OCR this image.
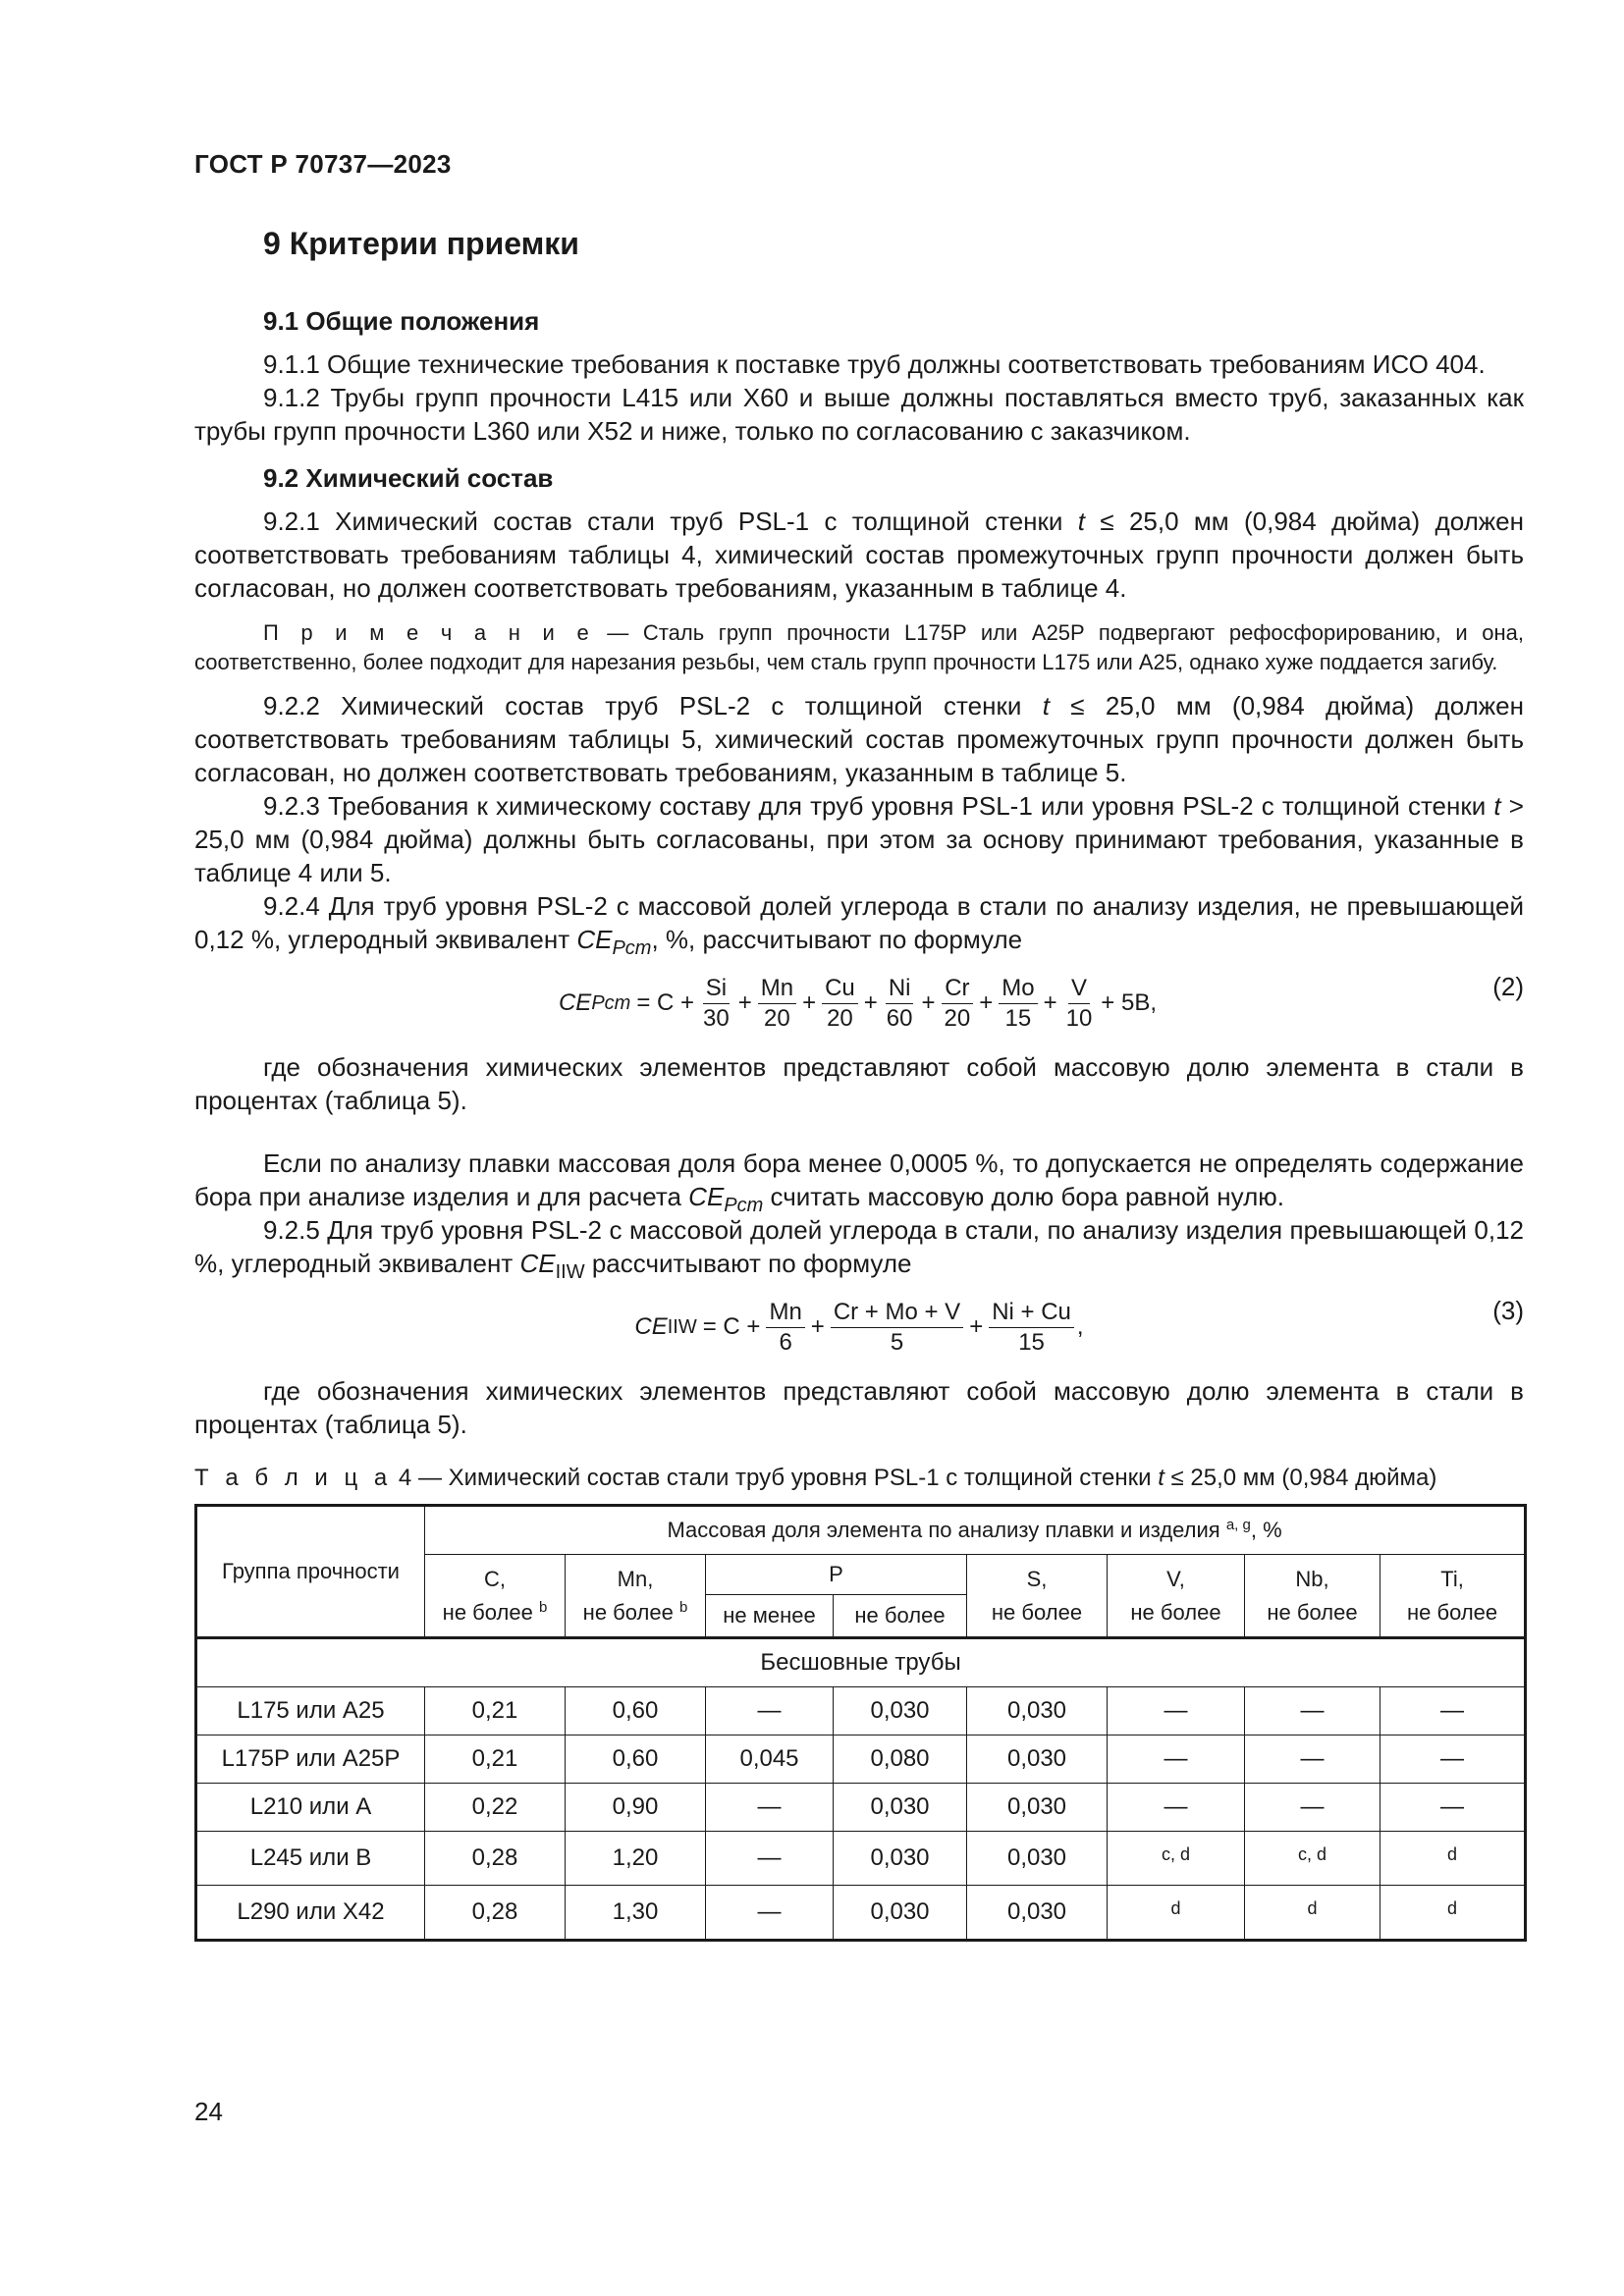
ГОСТ Р 70737—2023
9 Критерии приемки
9.1 Общие положения

9.1.1 Общие технические требования к поставке труб должны соответствовать требованиям ИСО 404.

9.1.2 Трубы групп прочности L415 или X60 и выше должны поставляться вместо труб, заказанных как трубы групп прочности L360 или X52 и ниже, только по согласованию с заказчиком.

9.2 Химический состав

9.2.1 Химический состав стали труб PSL-1 с толщиной стенки t ≤ 25,0 мм (0,984 дюйма) должен соответствовать требованиям таблицы 4, химический состав промежуточных групп прочности должен быть согласован, но должен соответствовать требованиям, указанным в таблице 4.

П р и м е ч а н и е — Сталь групп прочности L175P или A25P подвергают рефосфорированию, и она, соответственно, более подходит для нарезания резьбы, чем сталь групп прочности L175 или A25, однако хуже поддается загибу.

9.2.2 Химический состав труб PSL-2 с толщиной стенки t ≤ 25,0 мм (0,984 дюйма) должен соответствовать требованиям таблицы 5, химический состав промежуточных групп прочности должен быть согласован, но должен соответствовать требованиям, указанным в таблице 5.

9.2.3 Требования к химическому составу для труб уровня PSL-1 или уровня PSL-2 с толщиной стенки t > 25,0 мм (0,984 дюйма) должны быть согласованы, при этом за основу принимают требования, указанные в таблице 4 или 5.

9.2.4 Для труб уровня PSL-2 с массовой долей углерода в стали по анализу изделия, не превышающей 0,12 %, углеродный эквивалент $CE_{Pcm}$, %, рассчитывают по формуле

CE Pcm = $C + \frac{Si}{30} + \frac{Mn}{20} + \frac{Cu}{20} + \frac{Ni}{60} + \frac{Cr}{20} + \frac{Mo}{15} + \frac{V}{10} + 5B$,
(2)

где обозначения химических элементов представляют собой массовую долю элемента в стали в процентах (таблица 5).

Если по анализу плавки массовая доля бора менее 0,0005 %, то допускается не определять содержание бора при анализе изделия и для расчета $CE_{Pcm}$ считать массовую долю бора равной нулю.

9.2.5 Для труб уровня PSL-2 с массовой долей углерода в стали, по анализу изделия превышающей 0,12 %, углеродный эквивалент $CE_{IIW}$ рассчитывают по формуле

CE IIW = $C + \frac{Mn}{6} + \frac{Cr + Mo + V}{5} + \frac{Ni + Cu}{15}$ ,
(3)

где обозначения химических элементов представляют собой массовую долю элемента в стали в процентах (таблица 5).

Т а б л и ц а 4 — Химический состав стали труб уровня PSL-1 с толщиной стенки t ≤ 25,0 мм (0,984 дюйма)
Группа прочности	Массовая доля элемента по анализу плавки и изделия $^{a, g}$, %							
	C,
не более $^b$	Mn,
не более $^b$	P		S,
не более	V,
не более	Nb,
не более	Ti,
не более
			не менее	не более				
Бесшовные трубы								
L175 или A25	0,21	0,60	—	0,030	0,030	—	—	—
L175P или A25P	0,21	0,60	0,045	0,080	0,030	—	—	—
L210 или A	0,22	0,90	—	0,030	0,030	—	—	—
L245 или B	0,28	1,20	—	0,030	0,030	c, d	c, d	d
L290 или X42	0,28	1,30	—	0,030	0,030	d	d	d
24
